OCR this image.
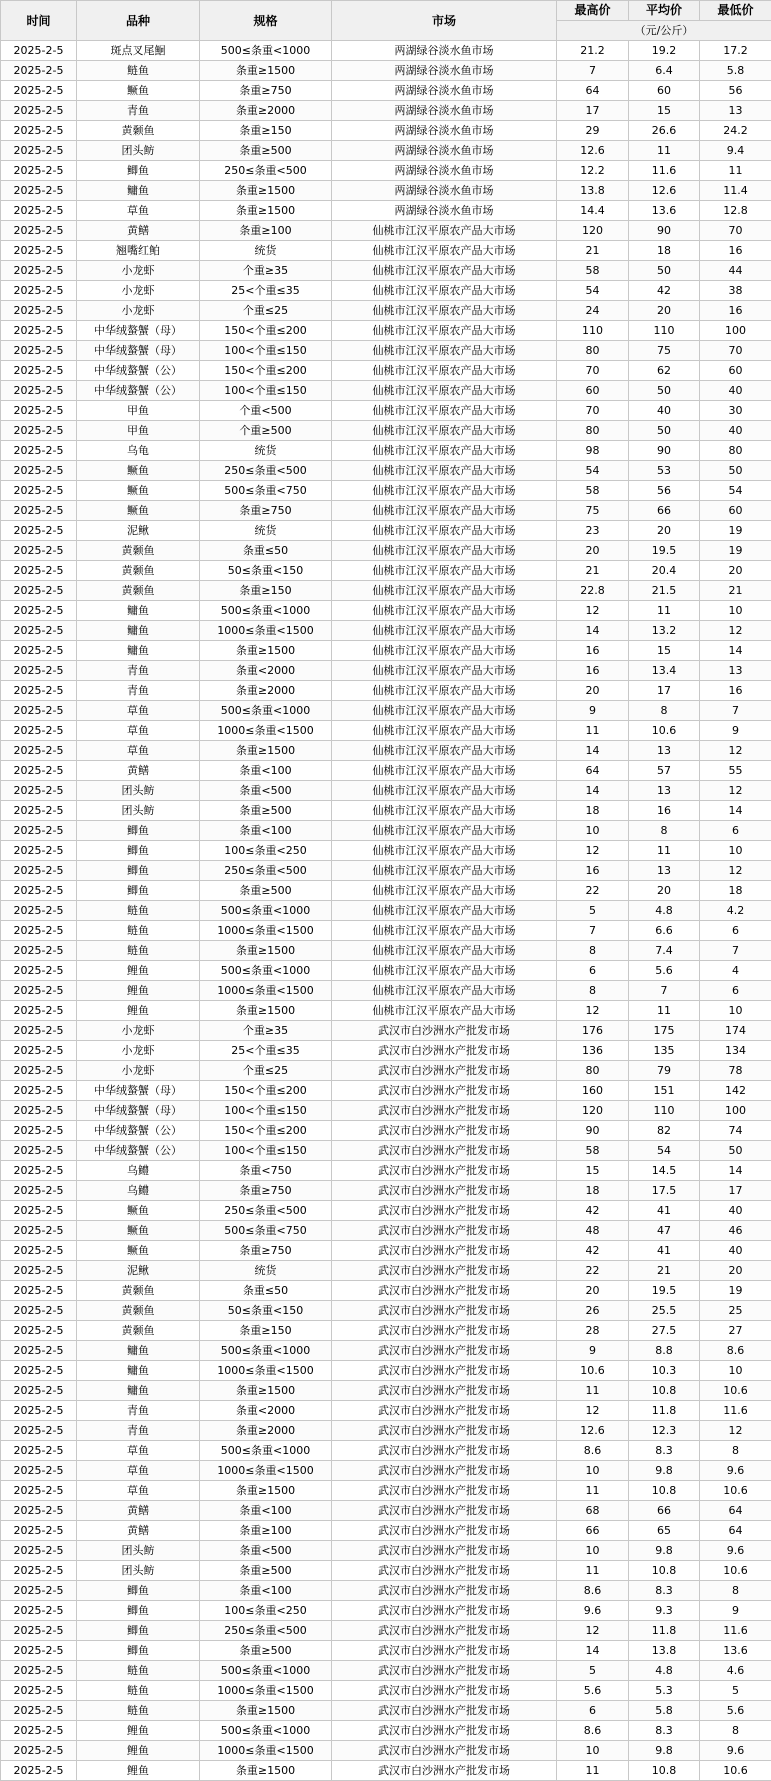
时间	品种	规格	市场	最高价	平均价	最低价
				（元/公斤）		
2025-2-5	斑点叉尾鮰	500≤条重<1000	两湖绿谷淡水鱼市场	21.2	19.2	17.2
2025-2-5	鲢鱼	条重≥1500	两湖绿谷淡水鱼市场	7	6.4	5.8
2025-2-5	鳜鱼	条重≥750	两湖绿谷淡水鱼市场	64	60	56
2025-2-5	青鱼	条重≥2000	两湖绿谷淡水鱼市场	17	15	13
2025-2-5	黄颡鱼	条重≥150	两湖绿谷淡水鱼市场	29	26.6	24.2
2025-2-5	团头鲂	条重≥500	两湖绿谷淡水鱼市场	12.6	11	9.4
2025-2-5	鲫鱼	250≤条重<500	两湖绿谷淡水鱼市场	12.2	11.6	11
2025-2-5	鳙鱼	条重≥1500	两湖绿谷淡水鱼市场	13.8	12.6	11.4
2025-2-5	草鱼	条重≥1500	两湖绿谷淡水鱼市场	14.4	13.6	12.8
2025-2-5	黄鳝	条重≥100	仙桃市江汉平原农产品大市场	120	90	70
2025-2-5	翘嘴红鲌	统货	仙桃市江汉平原农产品大市场	21	18	16
2025-2-5	小龙虾	个重≥35	仙桃市江汉平原农产品大市场	58	50	44
2025-2-5	小龙虾	25<个重≤35	仙桃市江汉平原农产品大市场	54	42	38
2025-2-5	小龙虾	个重≤25	仙桃市江汉平原农产品大市场	24	20	16
2025-2-5	中华绒螯蟹（母）	150<个重≤200	仙桃市江汉平原农产品大市场	110	110	100
2025-2-5	中华绒螯蟹（母）	100<个重≤150	仙桃市江汉平原农产品大市场	80	75	70
2025-2-5	中华绒螯蟹（公）	150<个重≤200	仙桃市江汉平原农产品大市场	70	62	60
2025-2-5	中华绒螯蟹（公）	100<个重≤150	仙桃市江汉平原农产品大市场	60	50	40
2025-2-5	甲鱼	个重<500	仙桃市江汉平原农产品大市场	70	40	30
2025-2-5	甲鱼	个重≥500	仙桃市江汉平原农产品大市场	80	50	40
2025-2-5	乌龟	统货	仙桃市江汉平原农产品大市场	98	90	80
2025-2-5	鳜鱼	250≤条重<500	仙桃市江汉平原农产品大市场	54	53	50
2025-2-5	鳜鱼	500≤条重<750	仙桃市江汉平原农产品大市场	58	56	54
2025-2-5	鳜鱼	条重≥750	仙桃市江汉平原农产品大市场	75	66	60
2025-2-5	泥鳅	统货	仙桃市江汉平原农产品大市场	23	20	19
2025-2-5	黄颡鱼	条重≤50	仙桃市江汉平原农产品大市场	20	19.5	19
2025-2-5	黄颡鱼	50≤条重<150	仙桃市江汉平原农产品大市场	21	20.4	20
2025-2-5	黄颡鱼	条重≥150	仙桃市江汉平原农产品大市场	22.8	21.5	21
2025-2-5	鳙鱼	500≤条重<1000	仙桃市江汉平原农产品大市场	12	11	10
2025-2-5	鳙鱼	1000≤条重<1500	仙桃市江汉平原农产品大市场	14	13.2	12
2025-2-5	鳙鱼	条重≥1500	仙桃市江汉平原农产品大市场	16	15	14
2025-2-5	青鱼	条重<2000	仙桃市江汉平原农产品大市场	16	13.4	13
2025-2-5	青鱼	条重≥2000	仙桃市江汉平原农产品大市场	20	17	16
2025-2-5	草鱼	500≤条重<1000	仙桃市江汉平原农产品大市场	9	8	7
2025-2-5	草鱼	1000≤条重<1500	仙桃市江汉平原农产品大市场	11	10.6	9
2025-2-5	草鱼	条重≥1500	仙桃市江汉平原农产品大市场	14	13	12
2025-2-5	黄鳝	条重<100	仙桃市江汉平原农产品大市场	64	57	55
2025-2-5	团头鲂	条重<500	仙桃市江汉平原农产品大市场	14	13	12
2025-2-5	团头鲂	条重≥500	仙桃市江汉平原农产品大市场	18	16	14
2025-2-5	鲫鱼	条重<100	仙桃市江汉平原农产品大市场	10	8	6
2025-2-5	鲫鱼	100≤条重<250	仙桃市江汉平原农产品大市场	12	11	10
2025-2-5	鲫鱼	250≤条重<500	仙桃市江汉平原农产品大市场	16	13	12
2025-2-5	鲫鱼	条重≥500	仙桃市江汉平原农产品大市场	22	20	18
2025-2-5	鲢鱼	500≤条重<1000	仙桃市江汉平原农产品大市场	5	4.8	4.2
2025-2-5	鲢鱼	1000≤条重<1500	仙桃市江汉平原农产品大市场	7	6.6	6
2025-2-5	鲢鱼	条重≥1500	仙桃市江汉平原农产品大市场	8	7.4	7
2025-2-5	鲤鱼	500≤条重<1000	仙桃市江汉平原农产品大市场	6	5.6	4
2025-2-5	鲤鱼	1000≤条重<1500	仙桃市江汉平原农产品大市场	8	7	6
2025-2-5	鲤鱼	条重≥1500	仙桃市江汉平原农产品大市场	12	11	10
2025-2-5	小龙虾	个重≥35	武汉市白沙洲水产批发市场	176	175	174
2025-2-5	小龙虾	25<个重≤35	武汉市白沙洲水产批发市场	136	135	134
2025-2-5	小龙虾	个重≤25	武汉市白沙洲水产批发市场	80	79	78
2025-2-5	中华绒螯蟹（母）	150<个重≤200	武汉市白沙洲水产批发市场	160	151	142
2025-2-5	中华绒螯蟹（母）	100<个重≤150	武汉市白沙洲水产批发市场	120	110	100
2025-2-5	中华绒螯蟹（公）	150<个重≤200	武汉市白沙洲水产批发市场	90	82	74
2025-2-5	中华绒螯蟹（公）	100<个重≤150	武汉市白沙洲水产批发市场	58	54	50
2025-2-5	乌鳢	条重<750	武汉市白沙洲水产批发市场	15	14.5	14
2025-2-5	乌鳢	条重≥750	武汉市白沙洲水产批发市场	18	17.5	17
2025-2-5	鳜鱼	250≤条重<500	武汉市白沙洲水产批发市场	42	41	40
2025-2-5	鳜鱼	500≤条重<750	武汉市白沙洲水产批发市场	48	47	46
2025-2-5	鳜鱼	条重≥750	武汉市白沙洲水产批发市场	42	41	40
2025-2-5	泥鳅	统货	武汉市白沙洲水产批发市场	22	21	20
2025-2-5	黄颡鱼	条重≤50	武汉市白沙洲水产批发市场	20	19.5	19
2025-2-5	黄颡鱼	50≤条重<150	武汉市白沙洲水产批发市场	26	25.5	25
2025-2-5	黄颡鱼	条重≥150	武汉市白沙洲水产批发市场	28	27.5	27
2025-2-5	鳙鱼	500≤条重<1000	武汉市白沙洲水产批发市场	9	8.8	8.6
2025-2-5	鳙鱼	1000≤条重<1500	武汉市白沙洲水产批发市场	10.6	10.3	10
2025-2-5	鳙鱼	条重≥1500	武汉市白沙洲水产批发市场	11	10.8	10.6
2025-2-5	青鱼	条重<2000	武汉市白沙洲水产批发市场	12	11.8	11.6
2025-2-5	青鱼	条重≥2000	武汉市白沙洲水产批发市场	12.6	12.3	12
2025-2-5	草鱼	500≤条重<1000	武汉市白沙洲水产批发市场	8.6	8.3	8
2025-2-5	草鱼	1000≤条重<1500	武汉市白沙洲水产批发市场	10	9.8	9.6
2025-2-5	草鱼	条重≥1500	武汉市白沙洲水产批发市场	11	10.8	10.6
2025-2-5	黄鳝	条重<100	武汉市白沙洲水产批发市场	68	66	64
2025-2-5	黄鳝	条重≥100	武汉市白沙洲水产批发市场	66	65	64
2025-2-5	团头鲂	条重<500	武汉市白沙洲水产批发市场	10	9.8	9.6
2025-2-5	团头鲂	条重≥500	武汉市白沙洲水产批发市场	11	10.8	10.6
2025-2-5	鲫鱼	条重<100	武汉市白沙洲水产批发市场	8.6	8.3	8
2025-2-5	鲫鱼	100≤条重<250	武汉市白沙洲水产批发市场	9.6	9.3	9
2025-2-5	鲫鱼	250≤条重<500	武汉市白沙洲水产批发市场	12	11.8	11.6
2025-2-5	鲫鱼	条重≥500	武汉市白沙洲水产批发市场	14	13.8	13.6
2025-2-5	鲢鱼	500≤条重<1000	武汉市白沙洲水产批发市场	5	4.8	4.6
2025-2-5	鲢鱼	1000≤条重<1500	武汉市白沙洲水产批发市场	5.6	5.3	5
2025-2-5	鲢鱼	条重≥1500	武汉市白沙洲水产批发市场	6	5.8	5.6
2025-2-5	鲤鱼	500≤条重<1000	武汉市白沙洲水产批发市场	8.6	8.3	8
2025-2-5	鲤鱼	1000≤条重<1500	武汉市白沙洲水产批发市场	10	9.8	9.6
2025-2-5	鲤鱼	条重≥1500	武汉市白沙洲水产批发市场	11	10.8	10.6
